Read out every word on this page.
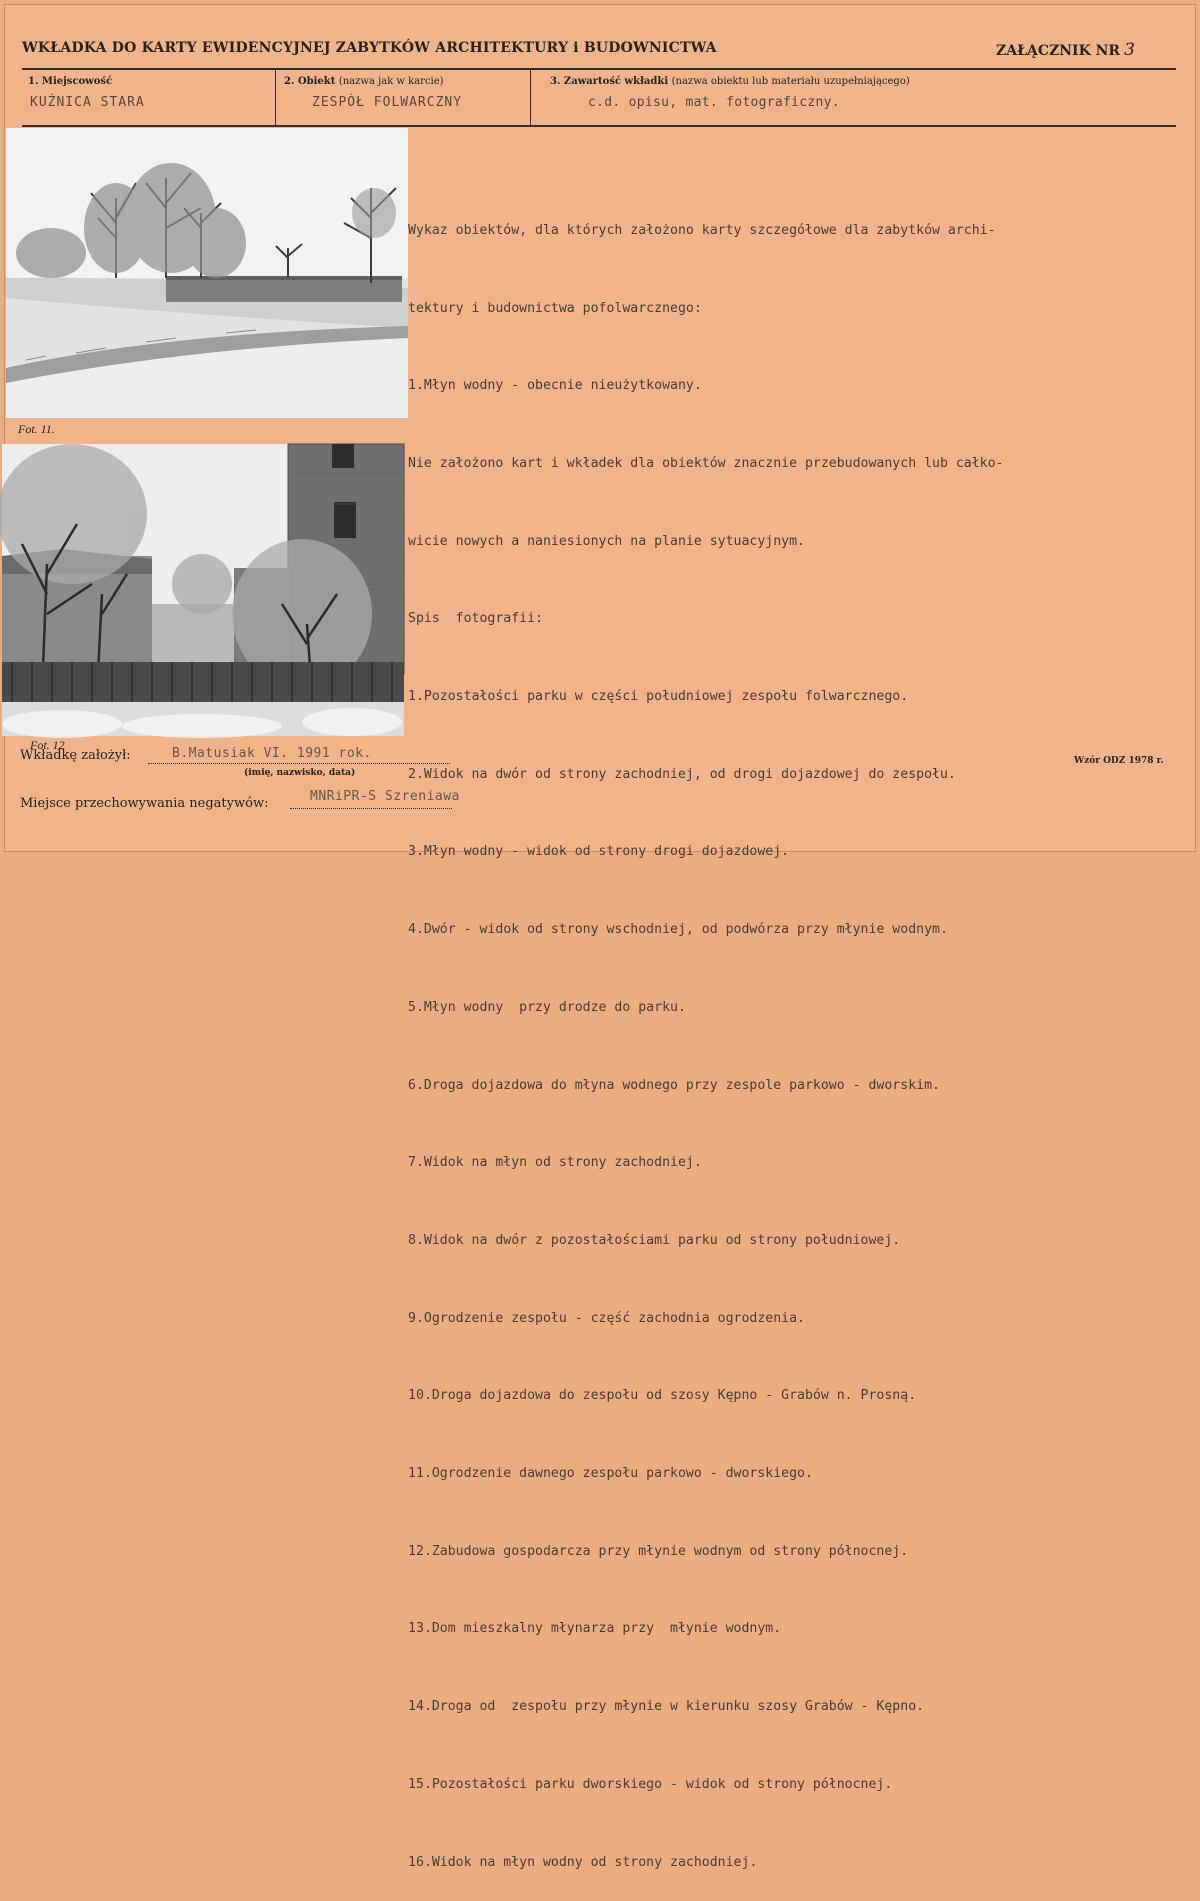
WKŁADKA DO KARTY EWIDENCYJNEJ ZABYTKÓW ARCHITEKTURY i BUDOWNICTWA	ZAŁĄCZNIK NR 3
1. Miejscowość
KUŹNICA STARA
2. Obiekt (nazwa jak w karcie)
ZESPÓŁ FOLWARCZNY
3. Zawartość wkładki (nazwa obiektu lub materiału uzupełniającego)
c.d. opisu, mat. fotograficzny.
Fot. 11.
Fot. 12

Wykaz obiektów, dla których założono karty szczegółowe dla zabytków archi-

tektury i budownictwa pofolwarcznego:

1.Młyn wodny - obecnie nieużytkowany.

Nie założono kart i wkładek dla obiektów znacznie przebudowanych lub całko-

wicie nowych a naniesionych na planie sytuacyjnym.

Spis  fotografii:

1.Pozostałości parku w części południowej zespołu folwarcznego.

2.Widok na dwór od strony zachodniej, od drogi dojazdowej do zespołu.

3.Młyn wodny - widok od strony drogi dojazdowej.

4.Dwór - widok od strony wschodniej, od podwórza przy młynie wodnym.

5.Młyn wodny  przy drodze do parku.

6.Droga dojazdowa do młyna wodnego przy zespole parkowo - dworskim.

7.Widok na młyn od strony zachodniej.

8.Widok na dwór z pozostałościami parku od strony południowej.

9.Ogrodzenie zespołu - część zachodnia ogrodzenia.

10.Droga dojazdowa do zespołu od szosy Kępno - Grabów n. Prosną.

11.Ogrodzenie dawnego zespołu parkowo - dworskiego.

12.Zabudowa gospodarcza przy młynie wodnym od strony północnej.

13.Dom mieszkalny młynarza przy  młynie wodnym.

14.Droga od  zespołu przy młynie w kierunku szosy Grabów - Kępno.

15.Pozostałości parku dworskiego - widok od strony północnej.

16.Widok na młyn wodny od strony zachodniej.

Wkładkę założył:	B.Matusiak VI. 1991 rok.
(imię, nazwisko, data)
Wzór ODZ 1978 r.
Miejsce przechowywania negatywów:	MNRiPR-S Szreniawa
